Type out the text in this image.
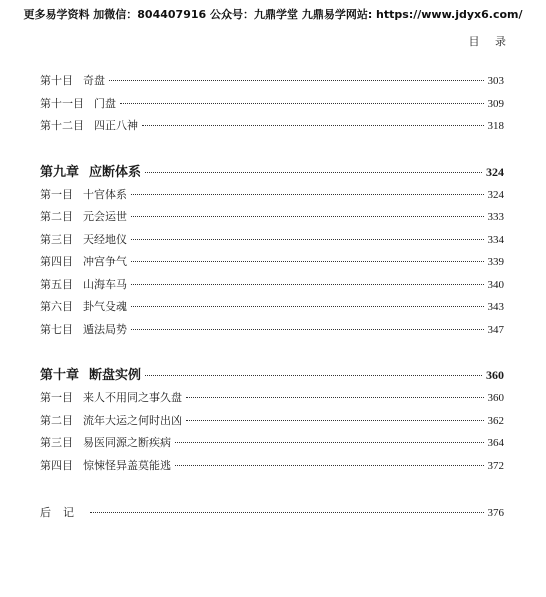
更多易学资料 加微信：804407916 公众号：九鼎学堂 九鼎易学网站: https://www.jdyx6.com/
目 录
第十目 奇盘	303
第十一目 门盘	309
第十二目 四正八神	318
第九章 应断体系	324
第一目 十官体系	324
第二目 元会运世	333
第三目 天经地仪	334
第四目 冲宫争气	339
第五目 山海车马	340
第六目 卦气殳魂	343
第七目 遁法局势	347
第十章 断盘实例	360
第一目 来人不用同之事久盘	360
第二目 流年大运之何时出凶	362
第三目 易医同源之断疾病	364
第四目 惊悚怪异盖莫能逃	372
后记	376
